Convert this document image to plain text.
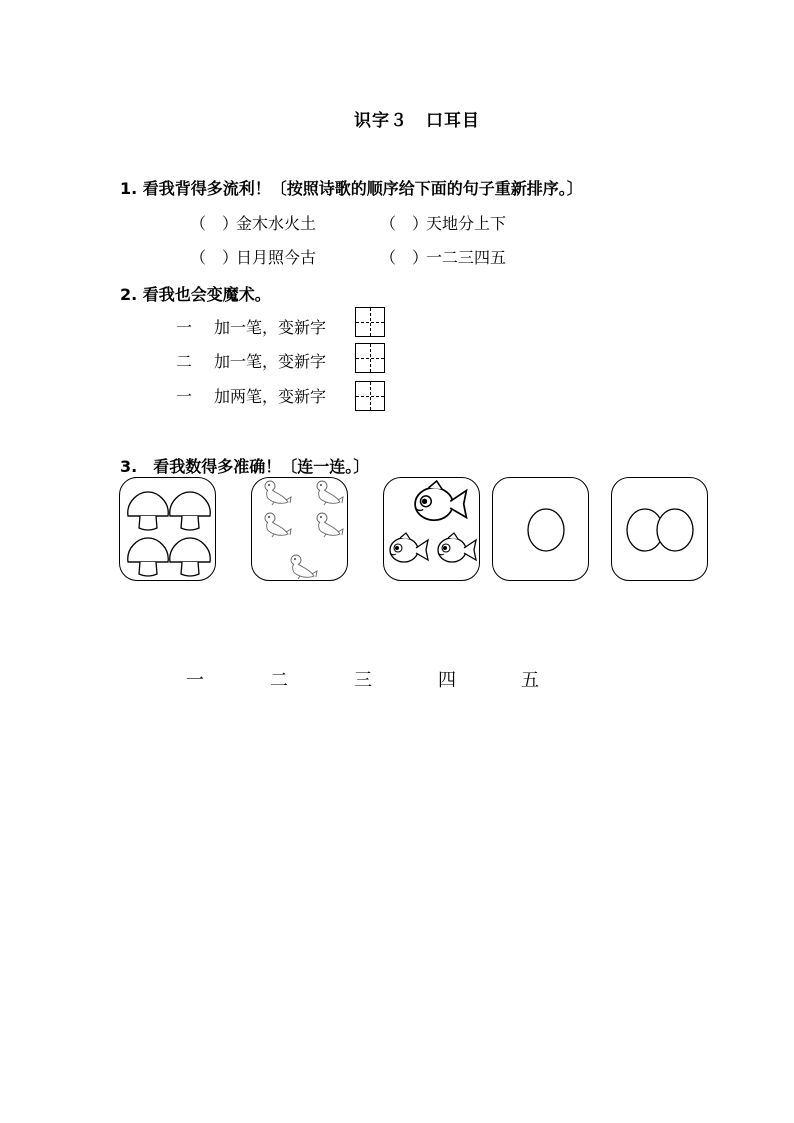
识字３　口耳目
1. 看我背得多流利！〔按照诗歌的顺序给下面的句子重新排序。〕
（　）金木水火土	（　）天地分上下
（　）日月照今古	（　）一二三四五
2. 看我也会变魔术。
一 加一笔，变新字
二 加一笔，变新字
一 加两笔，变新字
3.　看我数得多准确！〔连一连。〕
一	二	三	四	五
